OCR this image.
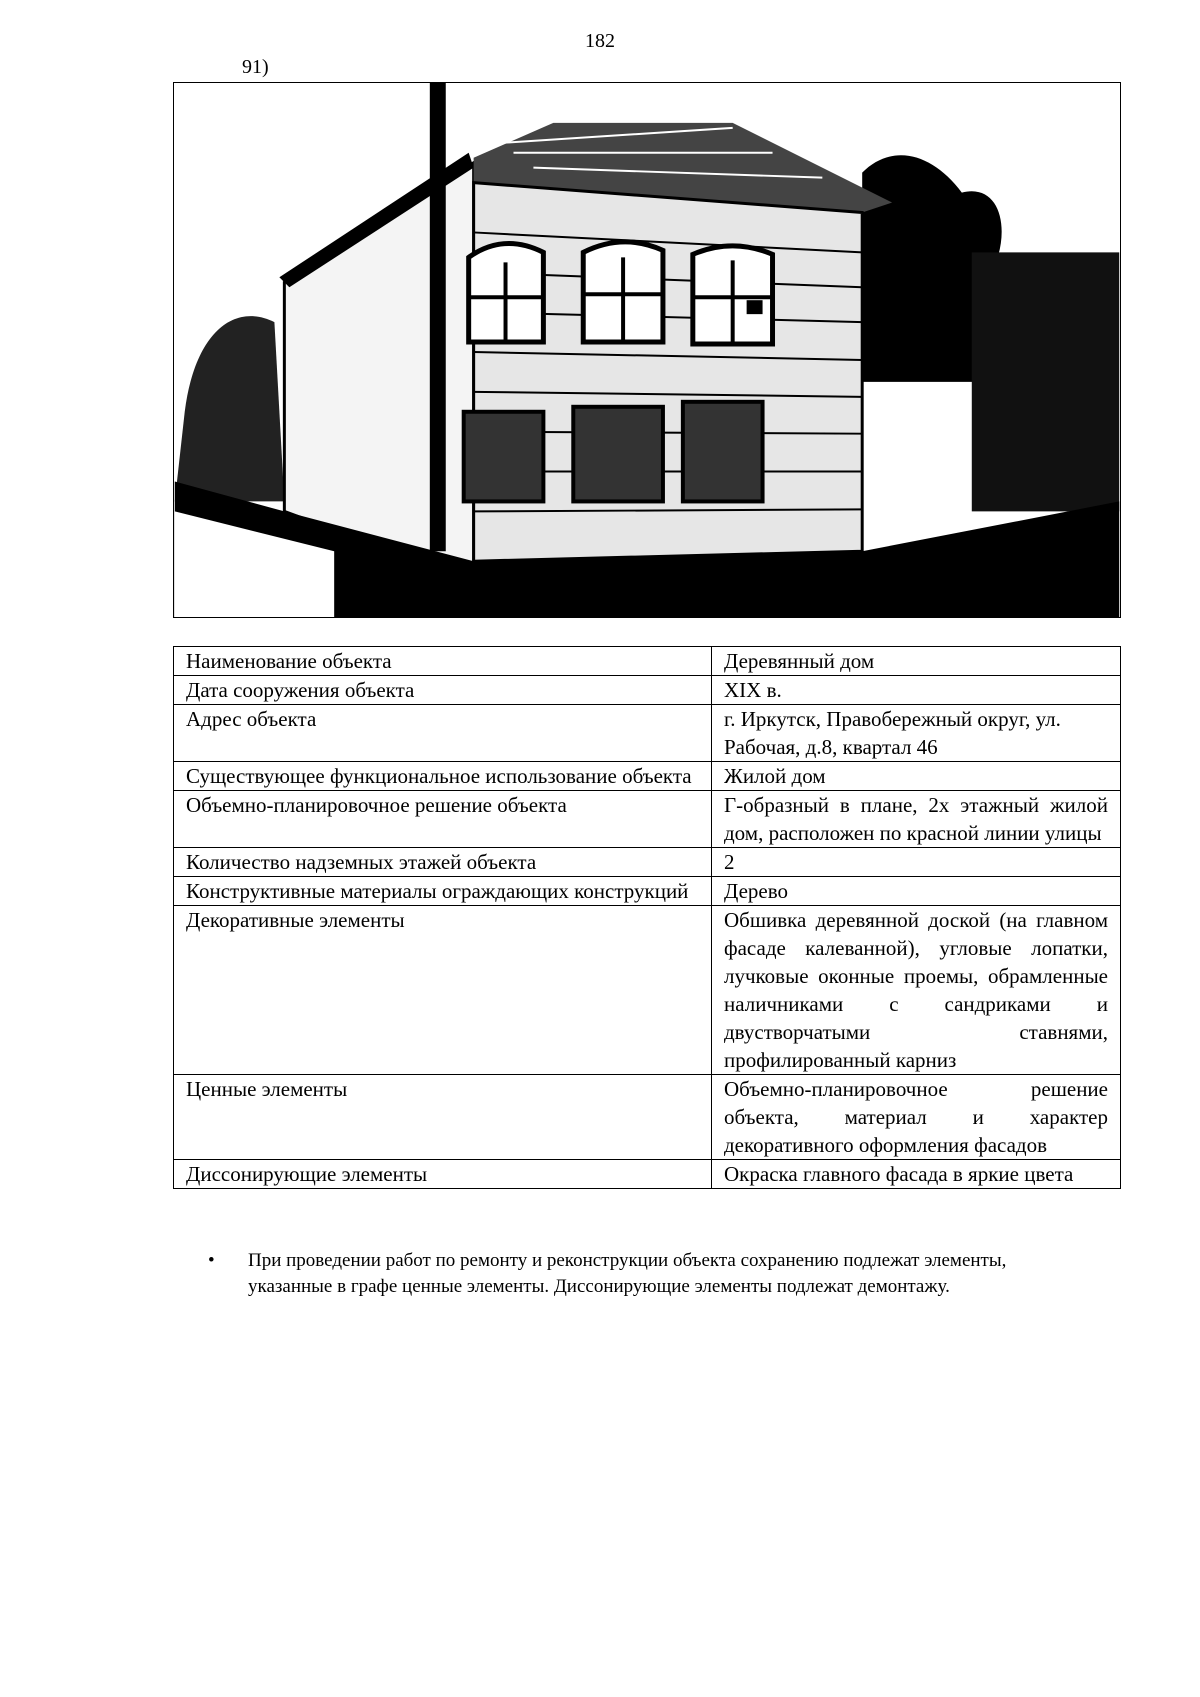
182
91)
Наименование объекта	Деревянный дом
Дата сооружения объекта	XIX в.
Адрес объекта	г. Иркутск, Правобережный округ, ул. Рабочая, д.8, квартал 46
Существующее функциональное использование объекта	Жилой дом
Объемно-планировочное решение объекта	Г-образный в плане, 2х этажный жилой дом, расположен по красной линии улицы
Количество надземных этажей объекта	2
Конструктивные материалы ограждающих конструкций	Дерево
Декоративные элементы	Обшивка деревянной доской (на главном фасаде калеванной), угловые лопатки, лучковые оконные проемы, обрамленные наличниками с сандриками и двустворчатыми ставнями, профилированный карниз
Ценные элементы	Объемно-планировочное решение объекта, материал и характер декоративного оформления фасадов
Диссонирующие элементы	Окраска главного фасада в яркие цвета
• При проведении работ по ремонту и реконструкции объекта сохранению подлежат элементы, указанные в графе ценные элементы. Диссонирующие элементы подлежат демонтажу.
